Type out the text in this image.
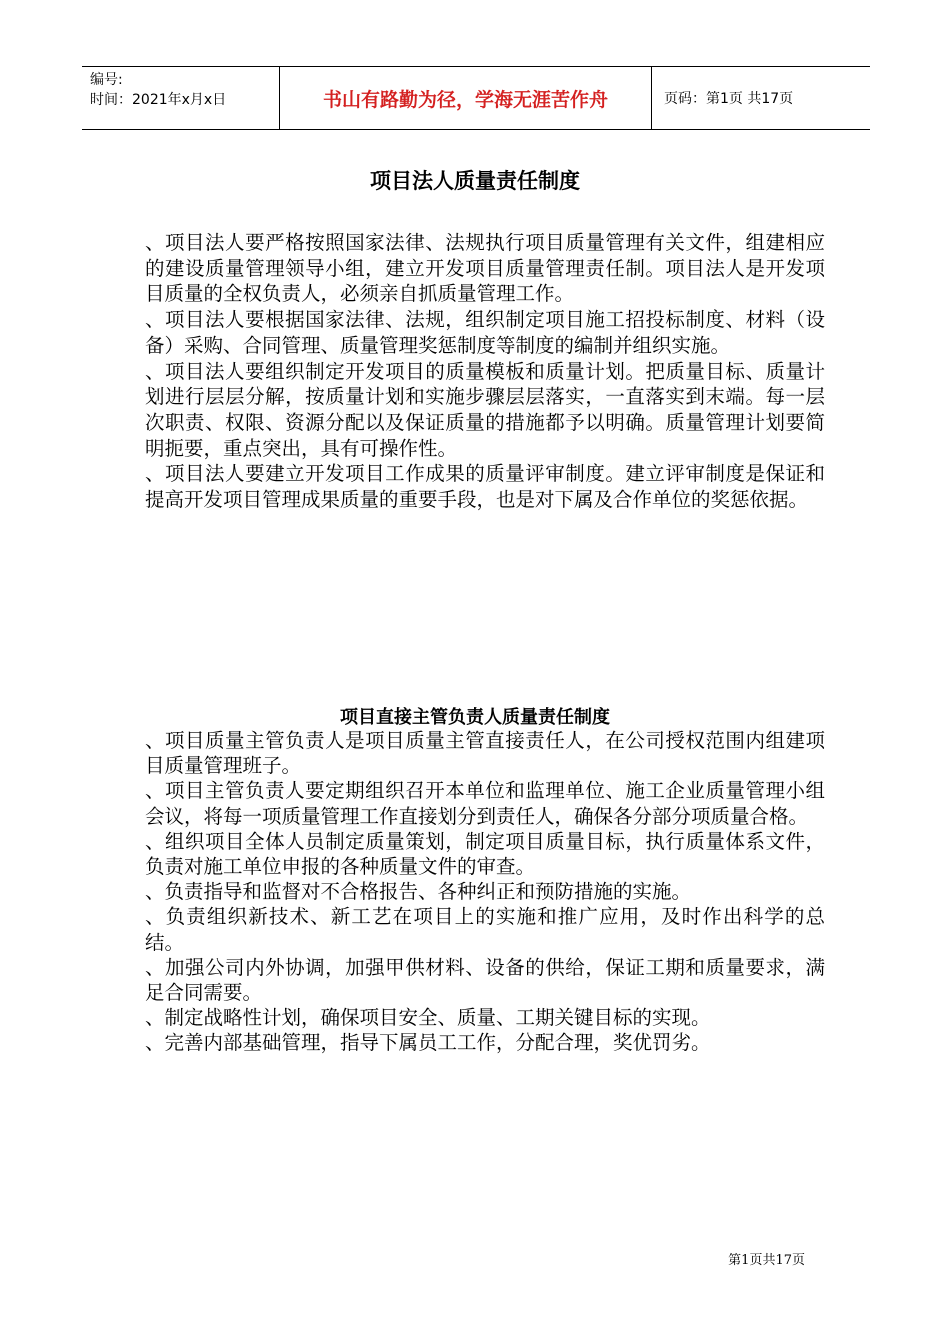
编号:
时间：2021年x月x日	书山有路勤为径，学海无涯苦作舟	页码：第1页 共17页
项目法人质量责任制度

、项目法人要严格按照国家法律、法规执行项目质量管理有关文件，组建相应的建设质量管理领导小组，建立开发项目质量管理责任制。项目法人是开发项目质量的全权负责人，必须亲自抓质量管理工作。

、项目法人要根据国家法律、法规，组织制定项目施工招投标制度、材料（设备）采购、合同管理、质量管理奖惩制度等制度的编制并组织实施。

、项目法人要组织制定开发项目的质量模板和质量计划。把质量目标、质量计划进行层层分解，按质量计划和实施步骤层层落实，一直落实到末端。每一层次职责、权限、资源分配以及保证质量的措施都予以明确。质量管理计划要简明扼要，重点突出，具有可操作性。

、项目法人要建立开发项目工作成果的质量评审制度。建立评审制度是保证和提高开发项目管理成果质量的重要手段，也是对下属及合作单位的奖惩依据。

项目直接主管负责人质量责任制度

、项目质量主管负责人是项目质量主管直接责任人，在公司授权范围内组建项目质量管理班子。

、项目主管负责人要定期组织召开本单位和监理单位、施工企业质量管理小组会议，将每一项质量管理工作直接划分到责任人，确保各分部分项质量合格。

、组织项目全体人员制定质量策划，制定项目质量目标，执行质量体系文件，负责对施工单位申报的各种质量文件的审查。

、负责指导和监督对不合格报告、各种纠正和预防措施的实施。

、负责组织新技术、新工艺在项目上的实施和推广应用，及时作出科学的总结。

、加强公司内外协调，加强甲供材料、设备的供给，保证工期和质量要求，满足合同需要。

、制定战略性计划，确保项目安全、质量、工期关键目标的实现。

、完善内部基础管理，指导下属员工工作，分配合理，奖优罚劣。

第1页共17页
